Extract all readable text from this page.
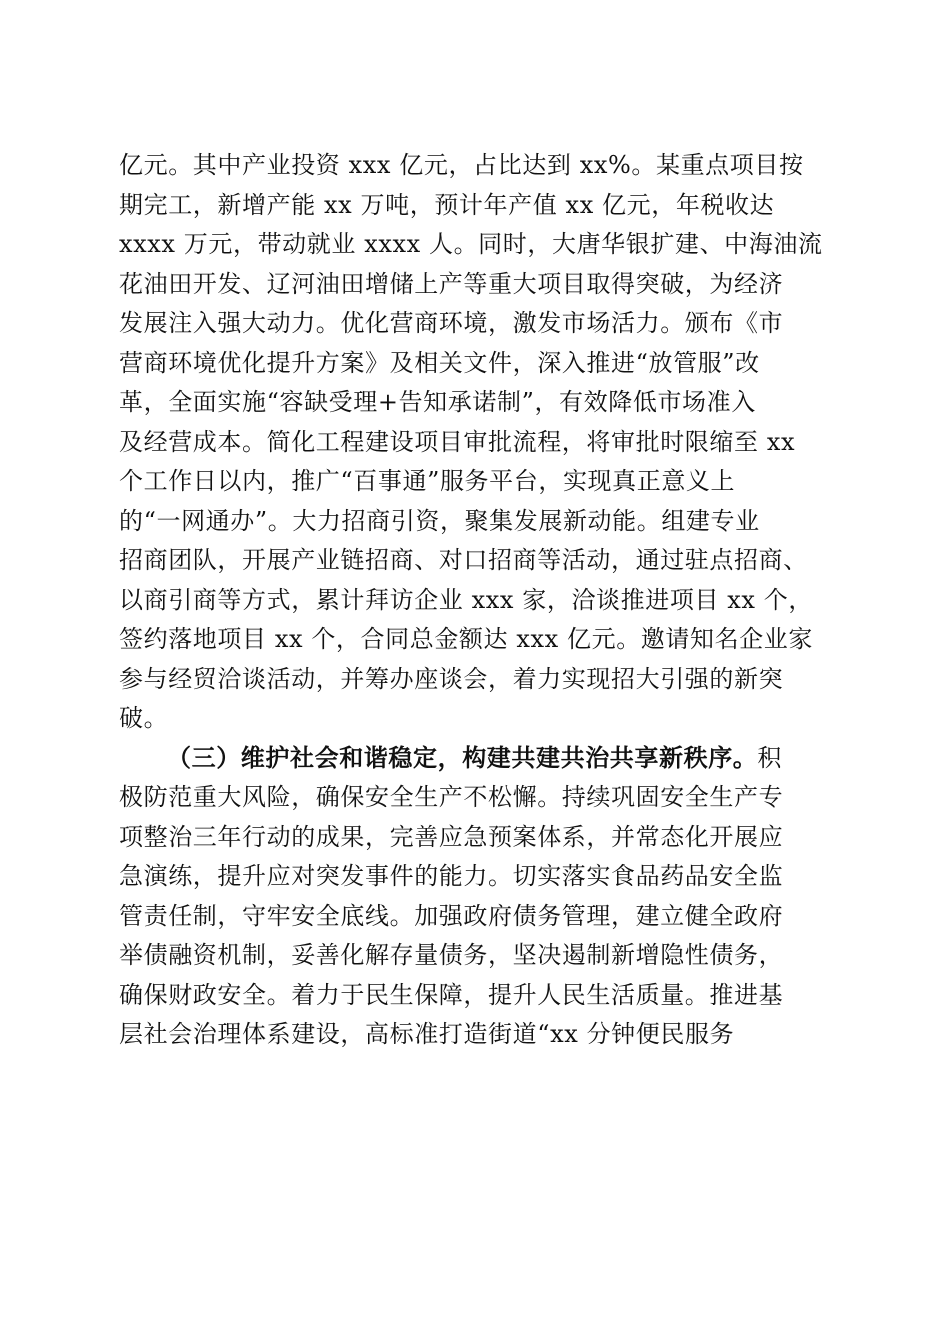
亿元。其中产业投资 xxx 亿元，占比达到 xx%。某重点项目按
期完工，新增产能 xx 万吨，预计年产值 xx 亿元，年税收达
xxxx 万元，带动就业 xxxx 人。同时，大唐华银扩建、中海油流
花油田开发、辽河油田增储上产等重大项目取得突破，为经济
发展注入强大动力。优化营商环境，激发市场活力。颁布《市
营商环境优化提升方案》及相关文件，深入推进“放管服”改
革，全面实施“容缺受理+告知承诺制”，有效降低市场准入
及经营成本。简化工程建设项目审批流程，将审批时限缩至 xx
个工作日以内，推广“百事通”服务平台，实现真正意义上
的“一网通办”。大力招商引资，聚集发展新动能。组建专业
招商团队，开展产业链招商、对口招商等活动，通过驻点招商、
以商引商等方式，累计拜访企业 xxx 家，洽谈推进项目 xx 个，
签约落地项目 xx 个，合同总金额达 xxx 亿元。邀请知名企业家
参与经贸洽谈活动，并筹办座谈会，着力实现招大引强的新突
破。
（三）维护社会和谐稳定，构建共建共治共享新秩序。积
极防范重大风险，确保安全生产不松懈。持续巩固安全生产专
项整治三年行动的成果，完善应急预案体系，并常态化开展应
急演练，提升应对突发事件的能力。切实落实食品药品安全监
管责任制，守牢安全底线。加强政府债务管理，建立健全政府
举债融资机制，妥善化解存量债务，坚决遏制新增隐性债务，
确保财政安全。着力于民生保障，提升人民生活质量。推进基
层社会治理体系建设，高标准打造街道“xx 分钟便民服务
